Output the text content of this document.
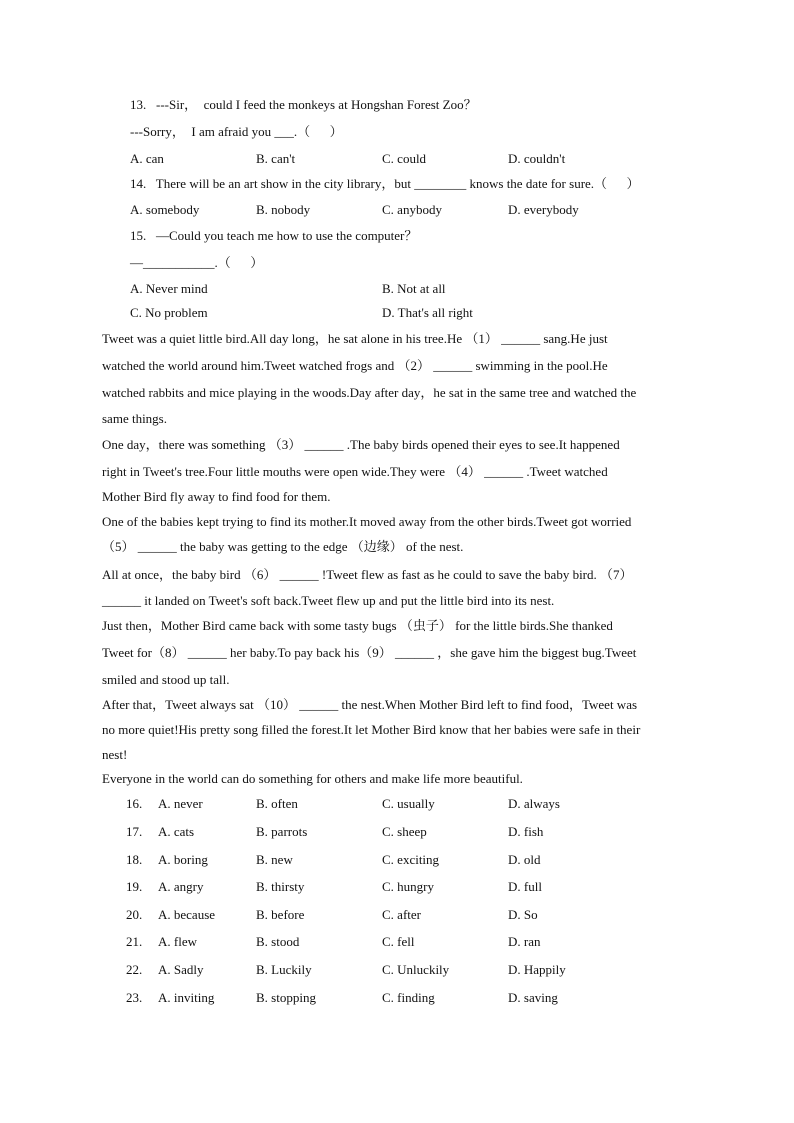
13.   ---Sir，  could I feed the monkeys at Hongshan Forest Zoo？
---Sorry，  I am afraid you ___.（      ）
A. can	B. can't	C. could	D. couldn't
14.   There will be an art show in the city library，but ________ knows the date for sure.（      ）
A. somebody	B. nobody	C. anybody	D. everybody
15.   —Could you teach me how to use the computer？
—___________.（      ）
A. Never mind	B. Not at all
C. No problem	D. That's all right
Tweet was a quiet little bird.All day long，he sat alone in his tree.He （1） ______ sang.He just
watched the world around him.Tweet watched frogs and （2） ______ swimming in the pool.He
watched rabbits and mice playing in the woods.Day after day，he sat in the same tree and watched the
same things.
One day，there was something （3） ______ .The baby birds opened their eyes to see.It happened
right in Tweet's tree.Four little mouths were open wide.They were （4） ______ .Tweet watched
Mother Bird fly away to find food for them.
One of the babies kept trying to find its mother.It moved away from the other birds.Tweet got worried
（5） ______ the baby was getting to the edge （边缘） of the nest.
All at once，the baby bird （6） ______ !Tweet flew as fast as he could to save the baby bird. （7）
______ it landed on Tweet's soft back.Tweet flew up and put the little bird into its nest.
Just then，Mother Bird came back with some tasty bugs （虫子） for the little birds.She thanked
Tweet for（8） ______ her baby.To pay back his（9） ______ ，she gave him the biggest bug.Tweet
smiled and stood up tall.
After that，Tweet always sat （10） ______ the nest.When Mother Bird left to find food，Tweet was
no more quiet!His pretty song filled the forest.It let Mother Bird know that her babies were safe in their
nest!
Everyone in the world can do something for others and make life more beautiful.
16. A. never	B. often	C. usually	D. always
17. A. cats	B. parrots	C. sheep	D. fish
18. A. boring	B. new	C. exciting	D. old
19. A. angry	B. thirsty	C. hungry	D. full
20. A. because	B. before	C. after	D. So
21. A. flew	B. stood	C. fell	D. ran
22. A. Sadly	B. Luckily	C. Unluckily	D. Happily
23. A. inviting	B. stopping	C. finding	D. saving
